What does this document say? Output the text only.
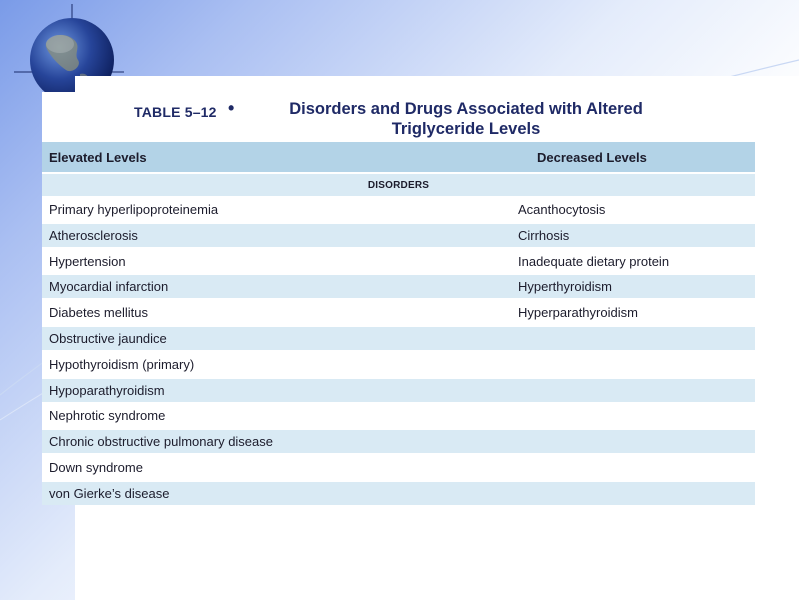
TABLE 5–12 •	Disorders and Drugs Associated with Altered
Triglyceride Levels
Elevated Levels	Decreased Levels
DISORDERS
Primary hyperlipoproteinemia	Acanthocytosis
Atherosclerosis	Cirrhosis
Hypertension	Inadequate dietary protein
Myocardial infarction	Hyperthyroidism
Diabetes mellitus	Hyperparathyroidism
Obstructive jaundice
Hypothyroidism (primary)
Hypoparathyroidism
Nephrotic syndrome
Chronic obstructive pulmonary disease
Down syndrome
von Gierke’s disease
